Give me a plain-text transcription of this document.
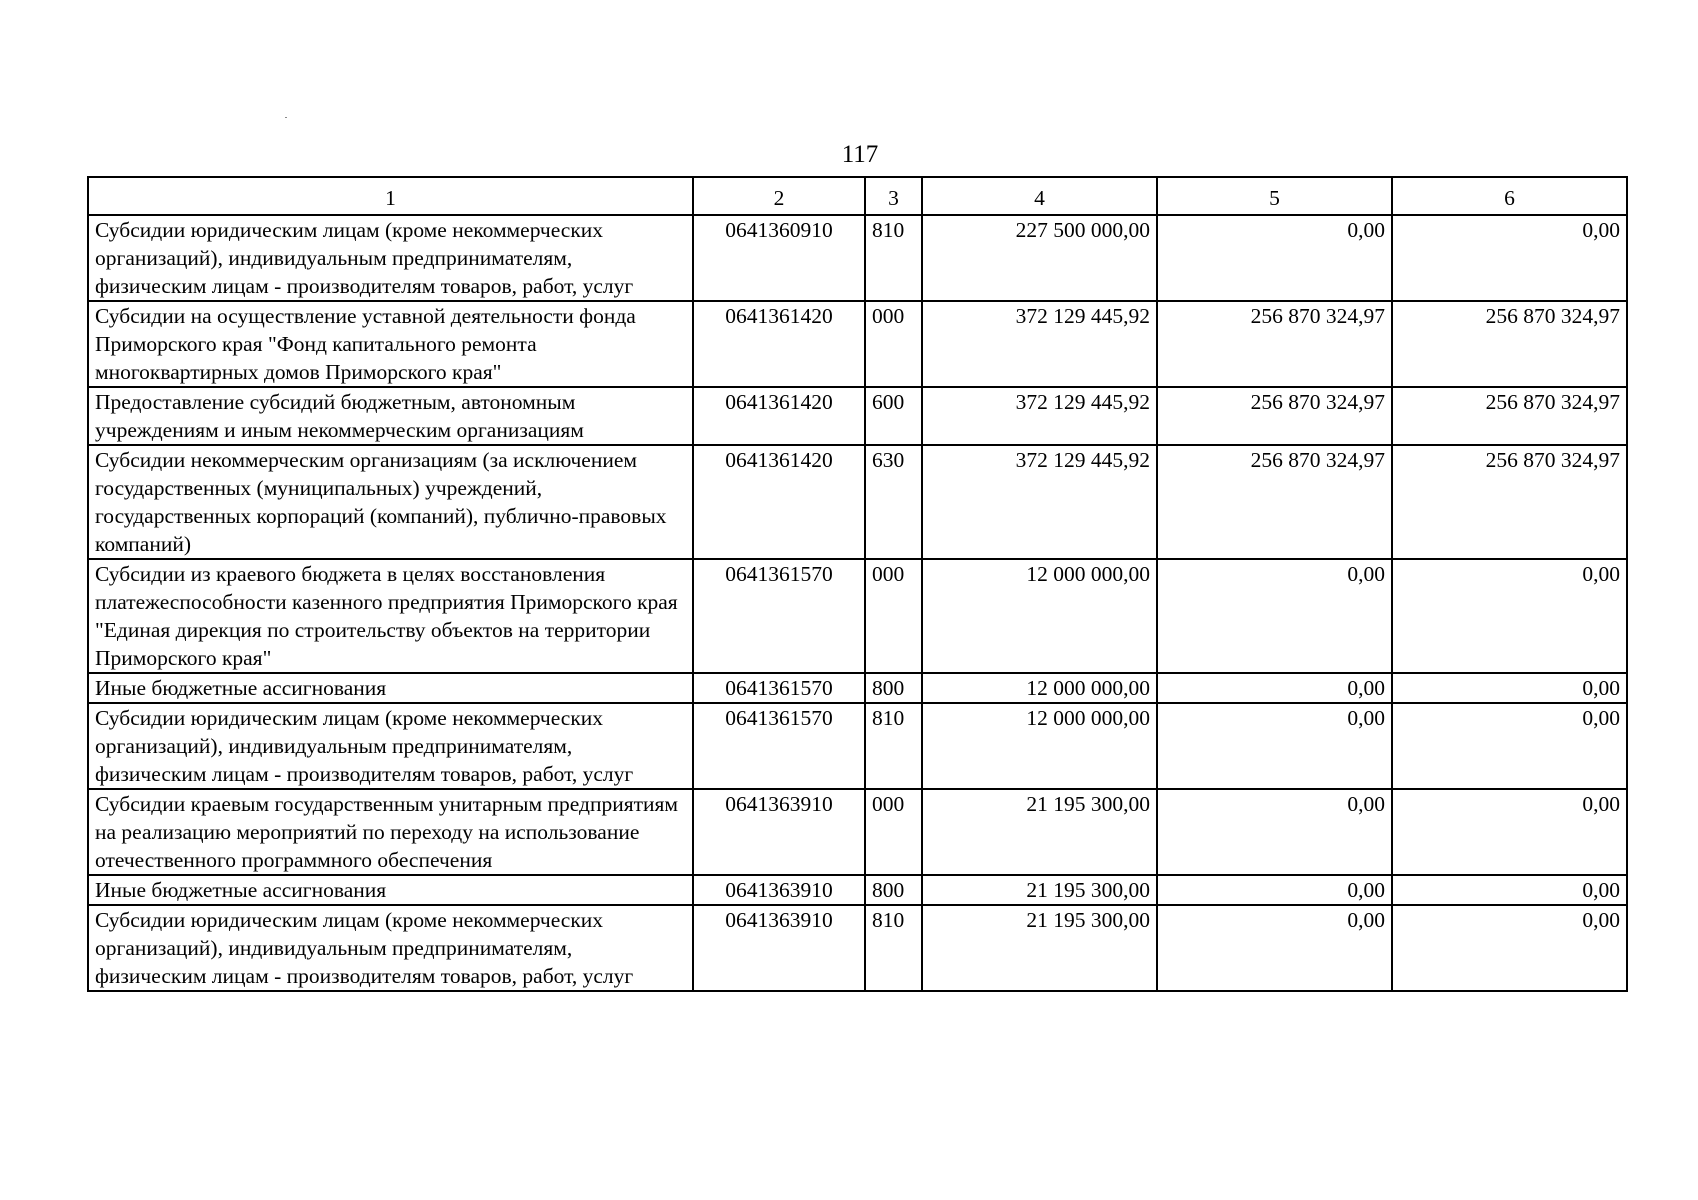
117
1	2	3	4	5	6
Субсидии юридическим лицам (кроме некоммерческих организаций), индивидуальным предпринимателям, физическим лицам - производителям товаров, работ, услуг	0641360910	810	227 500 000,00	0,00	0,00
Субсидии на осуществление уставной деятельности фонда Приморского края "Фонд капитального ремонта многоквартирных домов Приморского края"	0641361420	000	372 129 445,92	256 870 324,97	256 870 324,97
Предоставление субсидий бюджетным, автономным учреждениям и иным некоммерческим организациям	0641361420	600	372 129 445,92	256 870 324,97	256 870 324,97
Субсидии некоммерческим организациям (за исключением государственных (муниципальных) учреждений, государственных корпораций (компаний), публично-правовых компаний)	0641361420	630	372 129 445,92	256 870 324,97	256 870 324,97
Субсидии из краевого бюджета в целях восстановления платежеспособности казенного предприятия Приморского края "Единая дирекция по строительству объектов на территории Приморского края"	0641361570	000	12 000 000,00	0,00	0,00
Иные бюджетные ассигнования	0641361570	800	12 000 000,00	0,00	0,00
Субсидии юридическим лицам (кроме некоммерческих организаций), индивидуальным предпринимателям, физическим лицам - производителям товаров, работ, услуг	0641361570	810	12 000 000,00	0,00	0,00
Субсидии краевым государственным унитарным предприятиям на реализацию мероприятий по переходу на использование отечественного программного обеспечения	0641363910	000	21 195 300,00	0,00	0,00
Иные бюджетные ассигнования	0641363910	800	21 195 300,00	0,00	0,00
Субсидии юридическим лицам (кроме некоммерческих организаций), индивидуальным предпринимателям, физическим лицам - производителям товаров, работ, услуг	0641363910	810	21 195 300,00	0,00	0,00
